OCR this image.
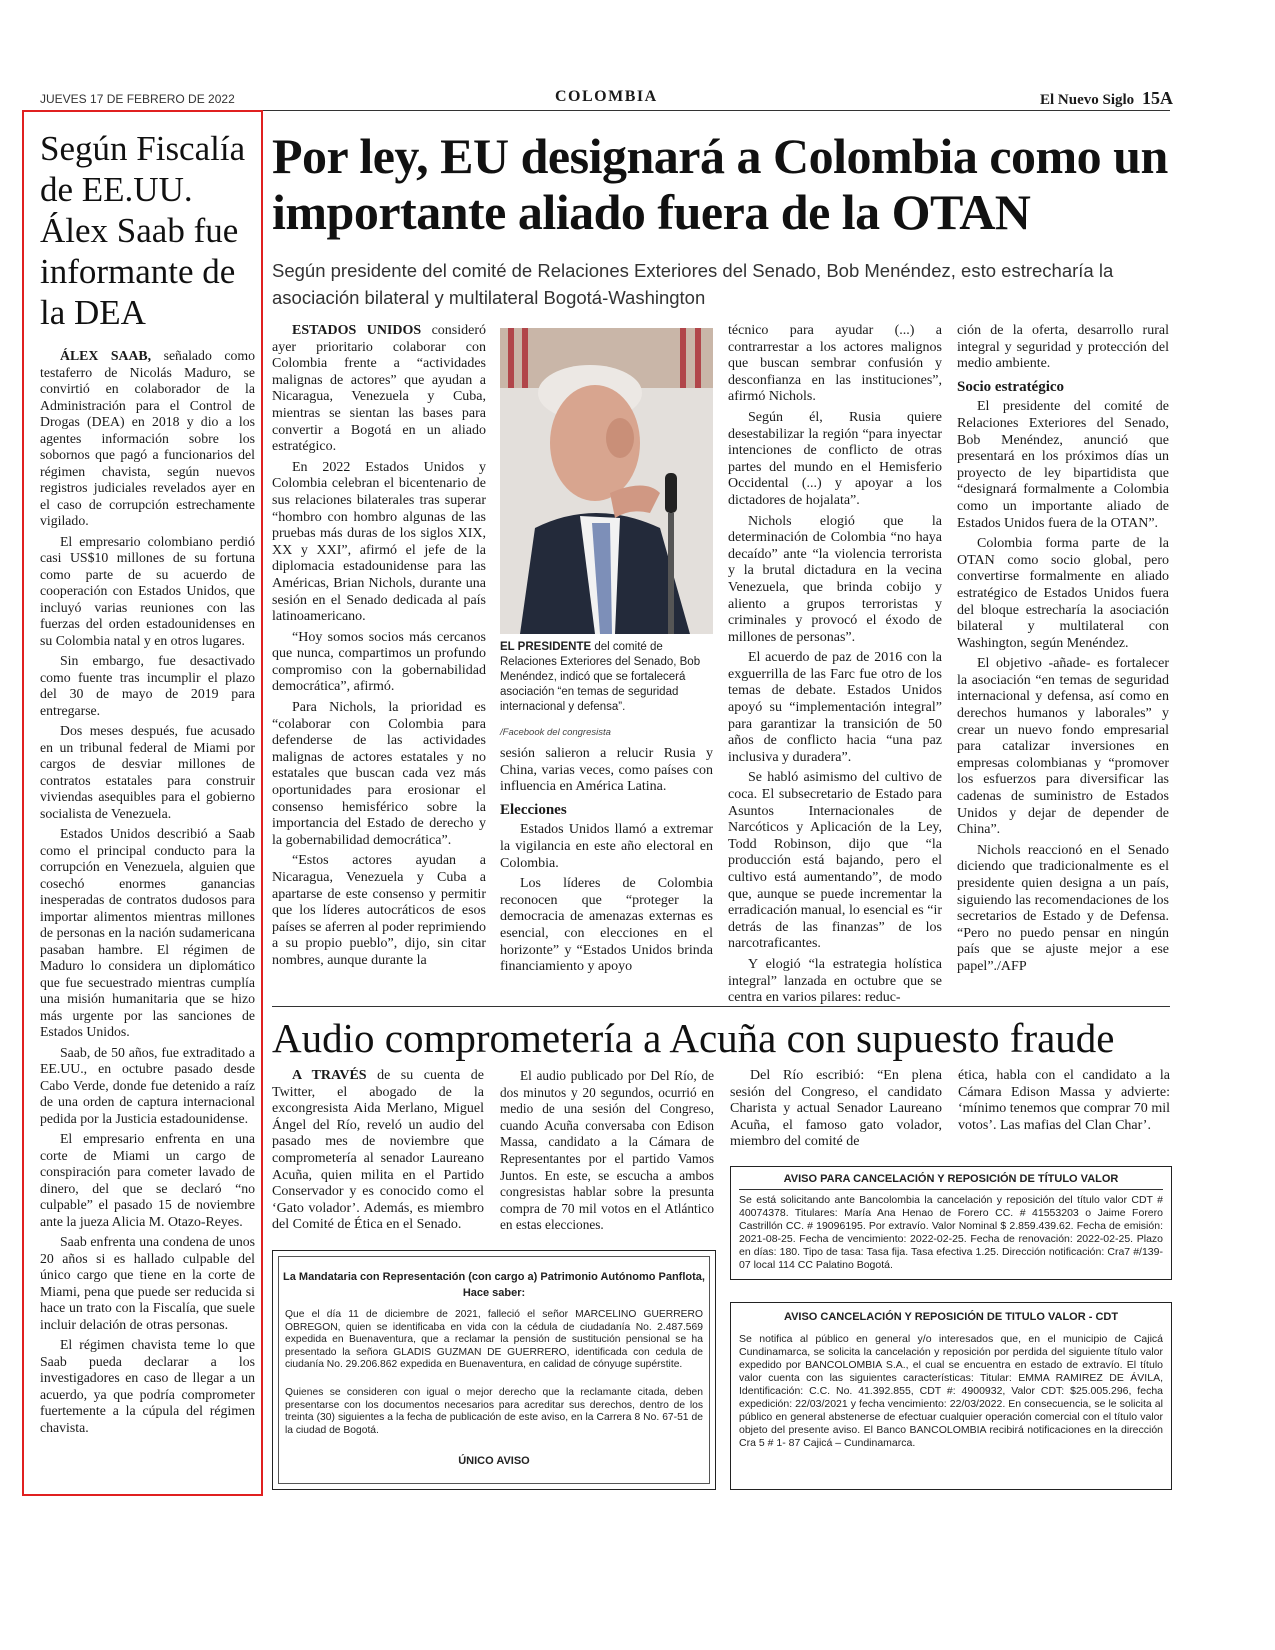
JUEVES 17 DE FEBRERO DE 2022	COLOMBIA	El Nuevo Siglo 15A
Según Fiscalía de EE.UU. Álex Saab fue informante de la DEA

ÁLEX SAAB, señalado como testaferro de Nicolás Maduro, se convirtió en colaborador de la Administración para el Control de Drogas (DEA) en 2018 y dio a los agentes información sobre los sobornos que pagó a funcionarios del régimen chavista, según nuevos registros judiciales revelados ayer en el caso de corrupción estrechamente vigilado.

El empresario colombiano perdió casi US$10 millones de su fortuna como parte de su acuerdo de cooperación con Estados Unidos, que incluyó varias reuniones con las fuerzas del orden estadounidenses en su Colombia natal y en otros lugares.

Sin embargo, fue desactivado como fuente tras incumplir el plazo del 30 de mayo de 2019 para entregarse.

Dos meses después, fue acusado en un tribunal federal de Miami por cargos de desviar millones de contratos estatales para construir viviendas asequibles para el gobierno socialista de Venezuela.

Estados Unidos describió a Saab como el principal conducto para la corrupción en Venezuela, alguien que cosechó enormes ganancias inesperadas de contratos dudosos para importar alimentos mientras millones de personas en la nación sudamericana pasaban hambre. El régimen de Maduro lo considera un diplomático que fue secuestrado mientras cumplía una misión humanitaria que se hizo más urgente por las sanciones de Estados Unidos.

Saab, de 50 años, fue extraditado a EE.UU., en octubre pasado desde Cabo Verde, donde fue detenido a raíz de una orden de captura internacional pedida por la Justicia estadounidense.

El empresario enfrenta en una corte de Miami un cargo de conspiración para cometer lavado de dinero, del que se declaró “no culpable” el pasado 15 de noviembre ante la jueza Alicia M. Otazo-Reyes.

Saab enfrenta una condena de unos 20 años si es hallado culpable del único cargo que tiene en la corte de Miami, pena que puede ser reducida si hace un trato con la Fiscalía, que suele incluir delación de otras personas.

El régimen chavista teme lo que Saab pueda declarar a los investigadores en caso de llegar a un acuerdo, ya que podría comprometer fuertemente a la cúpula del régimen chavista.

Por ley, EU designará a Colombia como un importante aliado fuera de la OTAN
Según presidente del comité de Relaciones Exteriores del Senado, Bob Menéndez, esto estrecharía la asociación bilateral y multilateral Bogotá-Washington

ESTADOS UNIDOS consideró ayer prioritario colaborar con Colombia frente a “actividades malignas de actores” que ayudan a Nicaragua, Venezuela y Cuba, mientras se sientan las bases para convertir a Bogotá en un aliado estratégico.

En 2022 Estados Unidos y Colombia celebran el bicentenario de sus relaciones bilaterales tras superar “hombro con hombro algunas de las pruebas más duras de los siglos XIX, XX y XXI”, afirmó el jefe de la diplomacia estadounidense para las Américas, Brian Nichols, durante una sesión en el Senado dedicada al país latinoamericano.

“Hoy somos socios más cercanos que nunca, compartimos un profundo compromiso con la gobernabilidad democrática”, afirmó.

Para Nichols, la prioridad es “colaborar con Colombia para defenderse de las actividades malignas de actores estatales y no estatales que buscan cada vez más oportunidades para erosionar el consenso hemisférico sobre la importancia del Estado de derecho y la gobernabilidad democrática”.

“Estos actores ayudan a Nicaragua, Venezuela y Cuba a apartarse de este consenso y permitir que los líderes autocráticos de esos países se aferren al poder reprimiendo a su propio pueblo”, dijo, sin citar nombres, aunque durante la

EL PRESIDENTE del comité de Relaciones Exteriores del Senado, Bob Menéndez, indicó que se fortalecerá asociación “en temas de seguridad internacional y defensa”.
/Facebook del congresista

sesión salieron a relucir Rusia y China, varias veces, como países con influencia en América Latina.

Elecciones

Estados Unidos llamó a extremar la vigilancia en este año electoral en Colombia.

Los líderes de Colombia reconocen que “proteger la democracia de amenazas externas es esencial, con elecciones en el horizonte” y “Estados Unidos brinda financiamiento y apoyo

técnico para ayudar (...) a contrarrestar a los actores malignos que buscan sembrar confusión y desconfianza en las instituciones”, afirmó Nichols.

Según él, Rusia quiere desestabilizar la región “para inyectar intenciones de conflicto de otras partes del mundo en el Hemisferio Occidental (...) y apoyar a los dictadores de hojalata”.

Nichols elogió que la determinación de Colombia “no haya decaído” ante “la violencia terrorista y la brutal dictadura en la vecina Venezuela, que brinda cobijo y aliento a grupos terroristas y criminales y provocó el éxodo de millones de personas”.

El acuerdo de paz de 2016 con la exguerrilla de las Farc fue otro de los temas de debate. Estados Unidos apoyó su “implementación integral” para garantizar la transición de 50 años de conflicto hacia “una paz inclusiva y duradera”.

Se habló asimismo del cultivo de coca. El subsecretario de Estado para Asuntos Internacionales de Narcóticos y Aplicación de la Ley, Todd Robinson, dijo que “la producción está bajando, pero el cultivo está aumentando”, de modo que, aunque se puede incrementar la erradicación manual, lo esencial es “ir detrás de las finanzas” de los narcotraficantes.

Y elogió “la estrategia holística integral” lanzada en octubre que se centra en varios pilares: reduc-

ción de la oferta, desarrollo rural integral y seguridad y protección del medio ambiente.

Socio estratégico

El presidente del comité de Relaciones Exteriores del Senado, Bob Menéndez, anunció que presentará en los próximos días un proyecto de ley bipartidista que “designará formalmente a Colombia como un importante aliado de Estados Unidos fuera de la OTAN”.

Colombia forma parte de la OTAN como socio global, pero convertirse formalmente en aliado estratégico de Estados Unidos fuera del bloque estrecharía la asociación bilateral y multilateral con Washington, según Menéndez.

El objetivo -añade- es fortalecer la asociación “en temas de seguridad internacional y defensa, así como en derechos humanos y laborales” y crear un nuevo fondo empresarial para catalizar inversiones en empresas colombianas y “promover los esfuerzos para diversificar las cadenas de suministro de Estados Unidos y dejar de depender de China”.

Nichols reaccionó en el Senado diciendo que tradicionalmente es el presidente quien designa a un país, siguiendo las recomendaciones de los secretarios de Estado y de Defensa. “Pero no puedo pensar en ningún país que se ajuste mejor a ese papel”./AFP

Audio comprometería a Acuña con supuesto fraude

A TRAVÉS de su cuenta de Twitter, el abogado de la excongresista Aida Merlano, Miguel Ángel del Río, reveló un audio del pasado mes de noviembre que comprometería al senador Laureano Acuña, quien milita en el Partido Conservador y es conocido como el ‘Gato volador’. Además, es miembro del Comité de Ética en el Senado.

El audio publicado por Del Río, de dos minutos y 20 segundos, ocurrió en medio de una sesión del Congreso, cuando Acuña conversaba con Edison Massa, candidato a la Cámara de Representantes por el partido Vamos Juntos. En este, se escucha a ambos congresistas hablar sobre la presunta compra de 70 mil votos en el Atlántico en estas elecciones.

Del Río escribió: “En plena sesión del Congreso, el candidato Charista y actual Senador Laureano Acuña, el famoso gato volador, miembro del comité de

ética, habla con el candidato a la Cámara Edison Massa y advierte: ‘mínimo tenemos que comprar 70 mil votos’. Las mafias del Clan Char’.

AVISO PARA CANCELACIÓN Y REPOSICIÓN DE TÍTULO VALOR
Se está solicitando ante Bancolombia la cancelación y reposición del título valor CDT # 40074378. Titulares: María Ana Henao de Forero CC. # 41553203 o Jaime Forero Castrillón CC. # 19096195. Por extravío. Valor Nominal $ 2.859.439.62. Fecha de emisión: 2021-08-25. Fecha de vencimiento: 2022-02-25. Fecha de renovación: 2022-02-25. Plazo en días: 180. Tipo de tasa: Tasa fija. Tasa efectiva 1.25. Dirección notificación: Cra7 #/139-07 local 114 CC Palatino Bogotá.
AVISO CANCELACIÓN Y REPOSICIÓN DE TITULO VALOR - CDT
Se notifica al público en general y/o interesados que, en el municipio de Cajicá Cundinamarca, se solicita la cancelación y reposición por perdida del siguiente título valor expedido por BANCOLOMBIA S.A., el cual se encuentra en estado de extravío. El título valor cuenta con las siguientes características: Titular: EMMA RAMIREZ DE ÁVILA, Identificación: C.C. No. 41.392.855, CDT #: 4900932, Valor CDT: $25.005.296, fecha expedición: 22/03/2021 y fecha vencimiento: 22/03/2022. En consecuencia, se le solicita al público en general abstenerse de efectuar cualquier operación comercial con el título valor objeto del presente aviso. El Banco BANCOLOMBIA recibirá notificaciones en la dirección Cra 5 # 1- 87 Cajicá – Cundinamarca.
La Mandataria con Representación (con cargo a) Patrimonio Autónomo Panflota,
Hace saber:
Que el día 11 de diciembre de 2021, falleció el señor MARCELINO GUERRERO OBREGON, quien se identificaba en vida con la cédula de ciudadanía No. 2.487.569 expedida en Buenaventura, que a reclamar la pensión de sustitución pensional se ha presentado la señora GLADIS GUZMAN DE GUERRERO, identificada con cedula de ciudanía No. 29.206.862 expedida en Buenaventura, en calidad de cónyuge supérstite.
Quienes se consideren con igual o mejor derecho que la reclamante citada, deben presentarse con los documentos necesarios para acreditar sus derechos, dentro de los treinta (30) siguientes a la fecha de publicación de este aviso, en la Carrera 8 No. 67-51 de la ciudad de Bogotá.
ÚNICO AVISO
